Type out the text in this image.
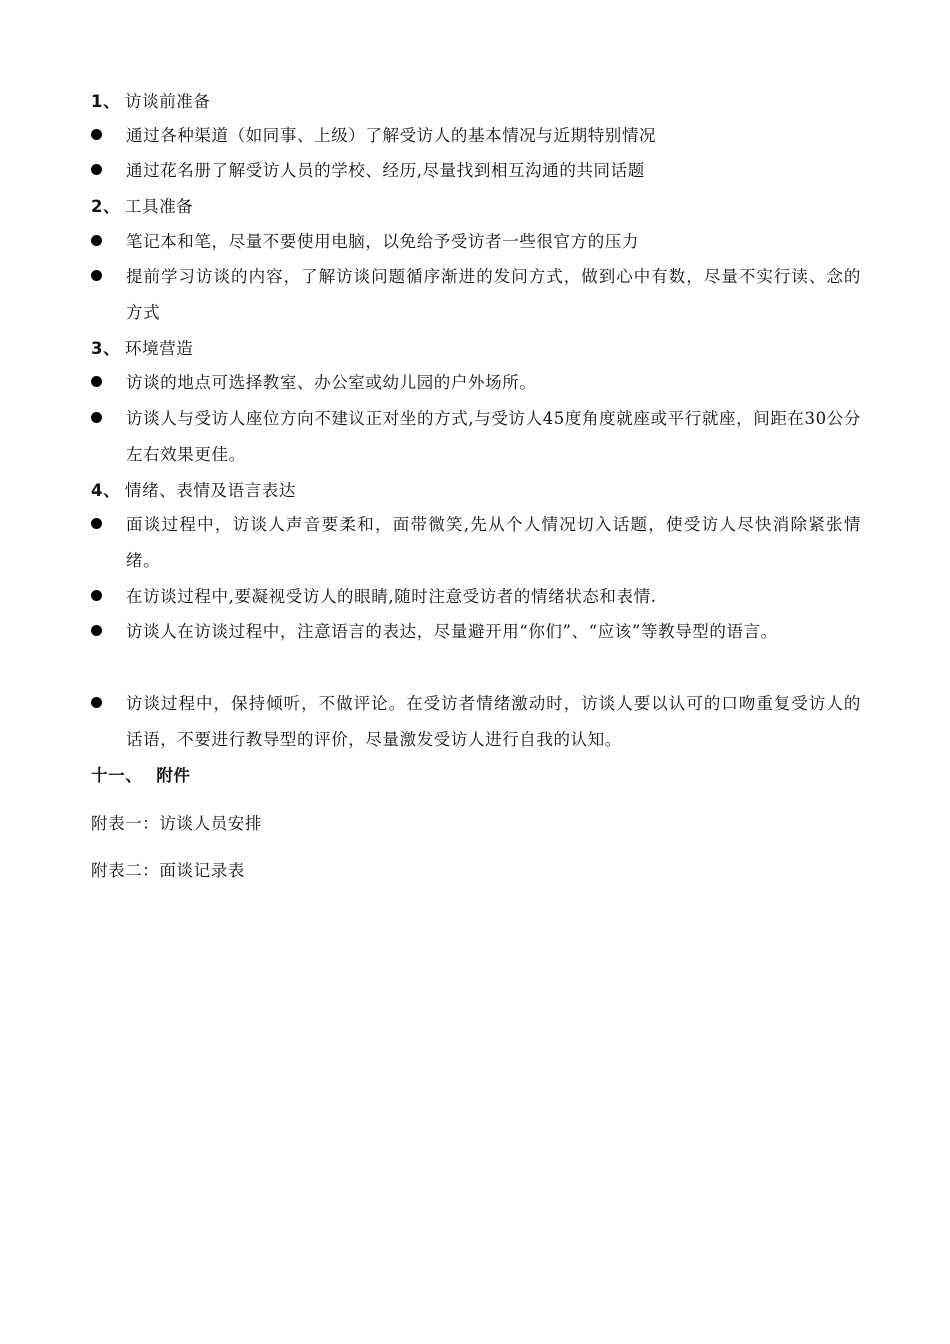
1、 访谈前准备
通过各种渠道（如同事、上级）了解受访人的基本情况与近期特别情况
通过花名册了解受访人员的学校、经历,尽量找到相互沟通的共同话题
2、 工具准备
笔记本和笔，尽量不要使用电脑，以免给予受访者一些很官方的压力
提前学习访谈的内容，了解访谈问题循序渐进的发问方式，做到心中有数，尽量不实行读、念的方式
3、 环境营造
访谈的地点可选择教室、办公室或幼儿园的户外场所。
访谈人与受访人座位方向不建议正对坐的方式,与受访人45度角度就座或平行就座，间距在30公分左右效果更佳。
4、 情绪、表情及语言表达
面谈过程中，访谈人声音要柔和，面带微笑,先从个人情况切入话题，使受访人尽快消除紧张情绪。
在访谈过程中,要凝视受访人的眼睛,随时注意受访者的情绪状态和表情.
访谈人在访谈过程中，注意语言的表达，尽量避开用“你们”、“应该”等教导型的语言。
访谈过程中，保持倾听，不做评论。在受访者情绪激动时，访谈人要以认可的口吻重复受访人的话语，不要进行教导型的评价，尽量激发受访人进行自我的认知。
十一、 附件
附表一：访谈人员安排
附表二：面谈记录表
